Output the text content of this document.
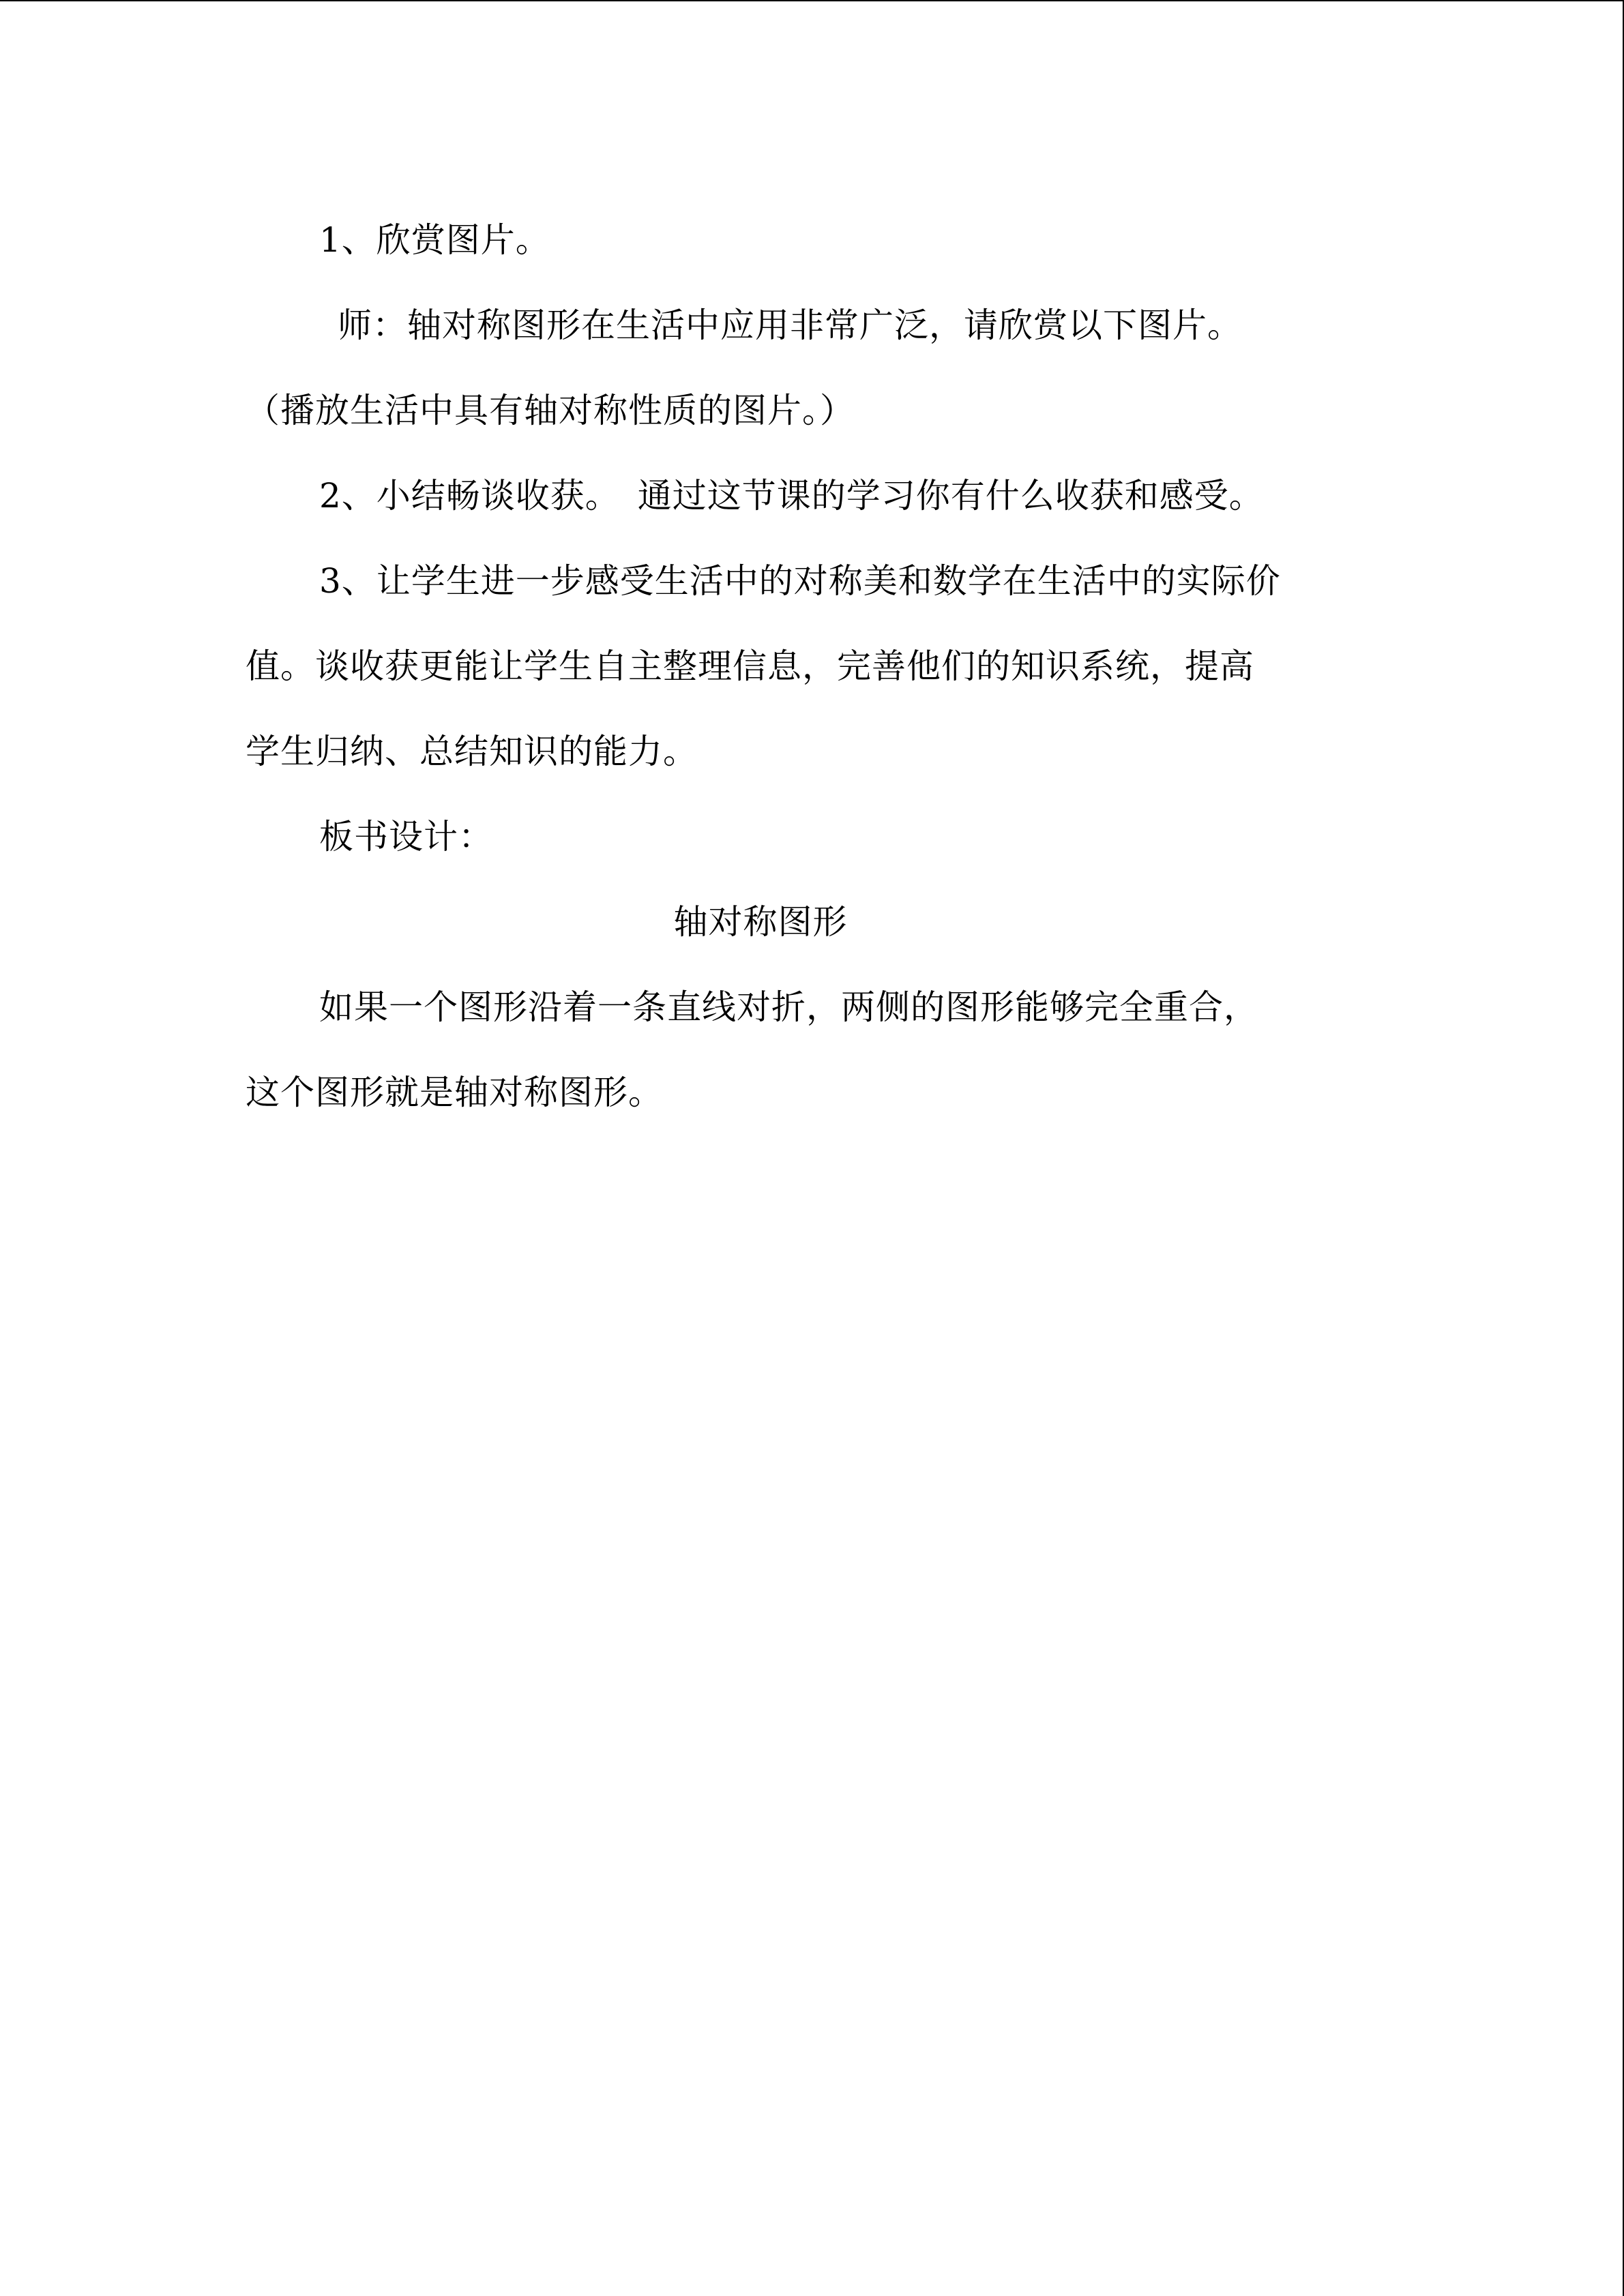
1、欣赏图片。
师：轴对称图形在生活中应用非常广泛，请欣赏以下图片。
（播放生活中具有轴对称性质的图片。）
2、小结畅谈收获。　通过这节课的学习你有什么收获和感受。
3、让学生进一步感受生活中的对称美和数学在生活中的实际价
值。谈收获更能让学生自主整理信息，完善他们的知识系统，提高
学生归纳、总结知识的能力。
板书设计：
轴对称图形
如果一个图形沿着一条直线对折，两侧的图形能够完全重合，
这个图形就是轴对称图形。
